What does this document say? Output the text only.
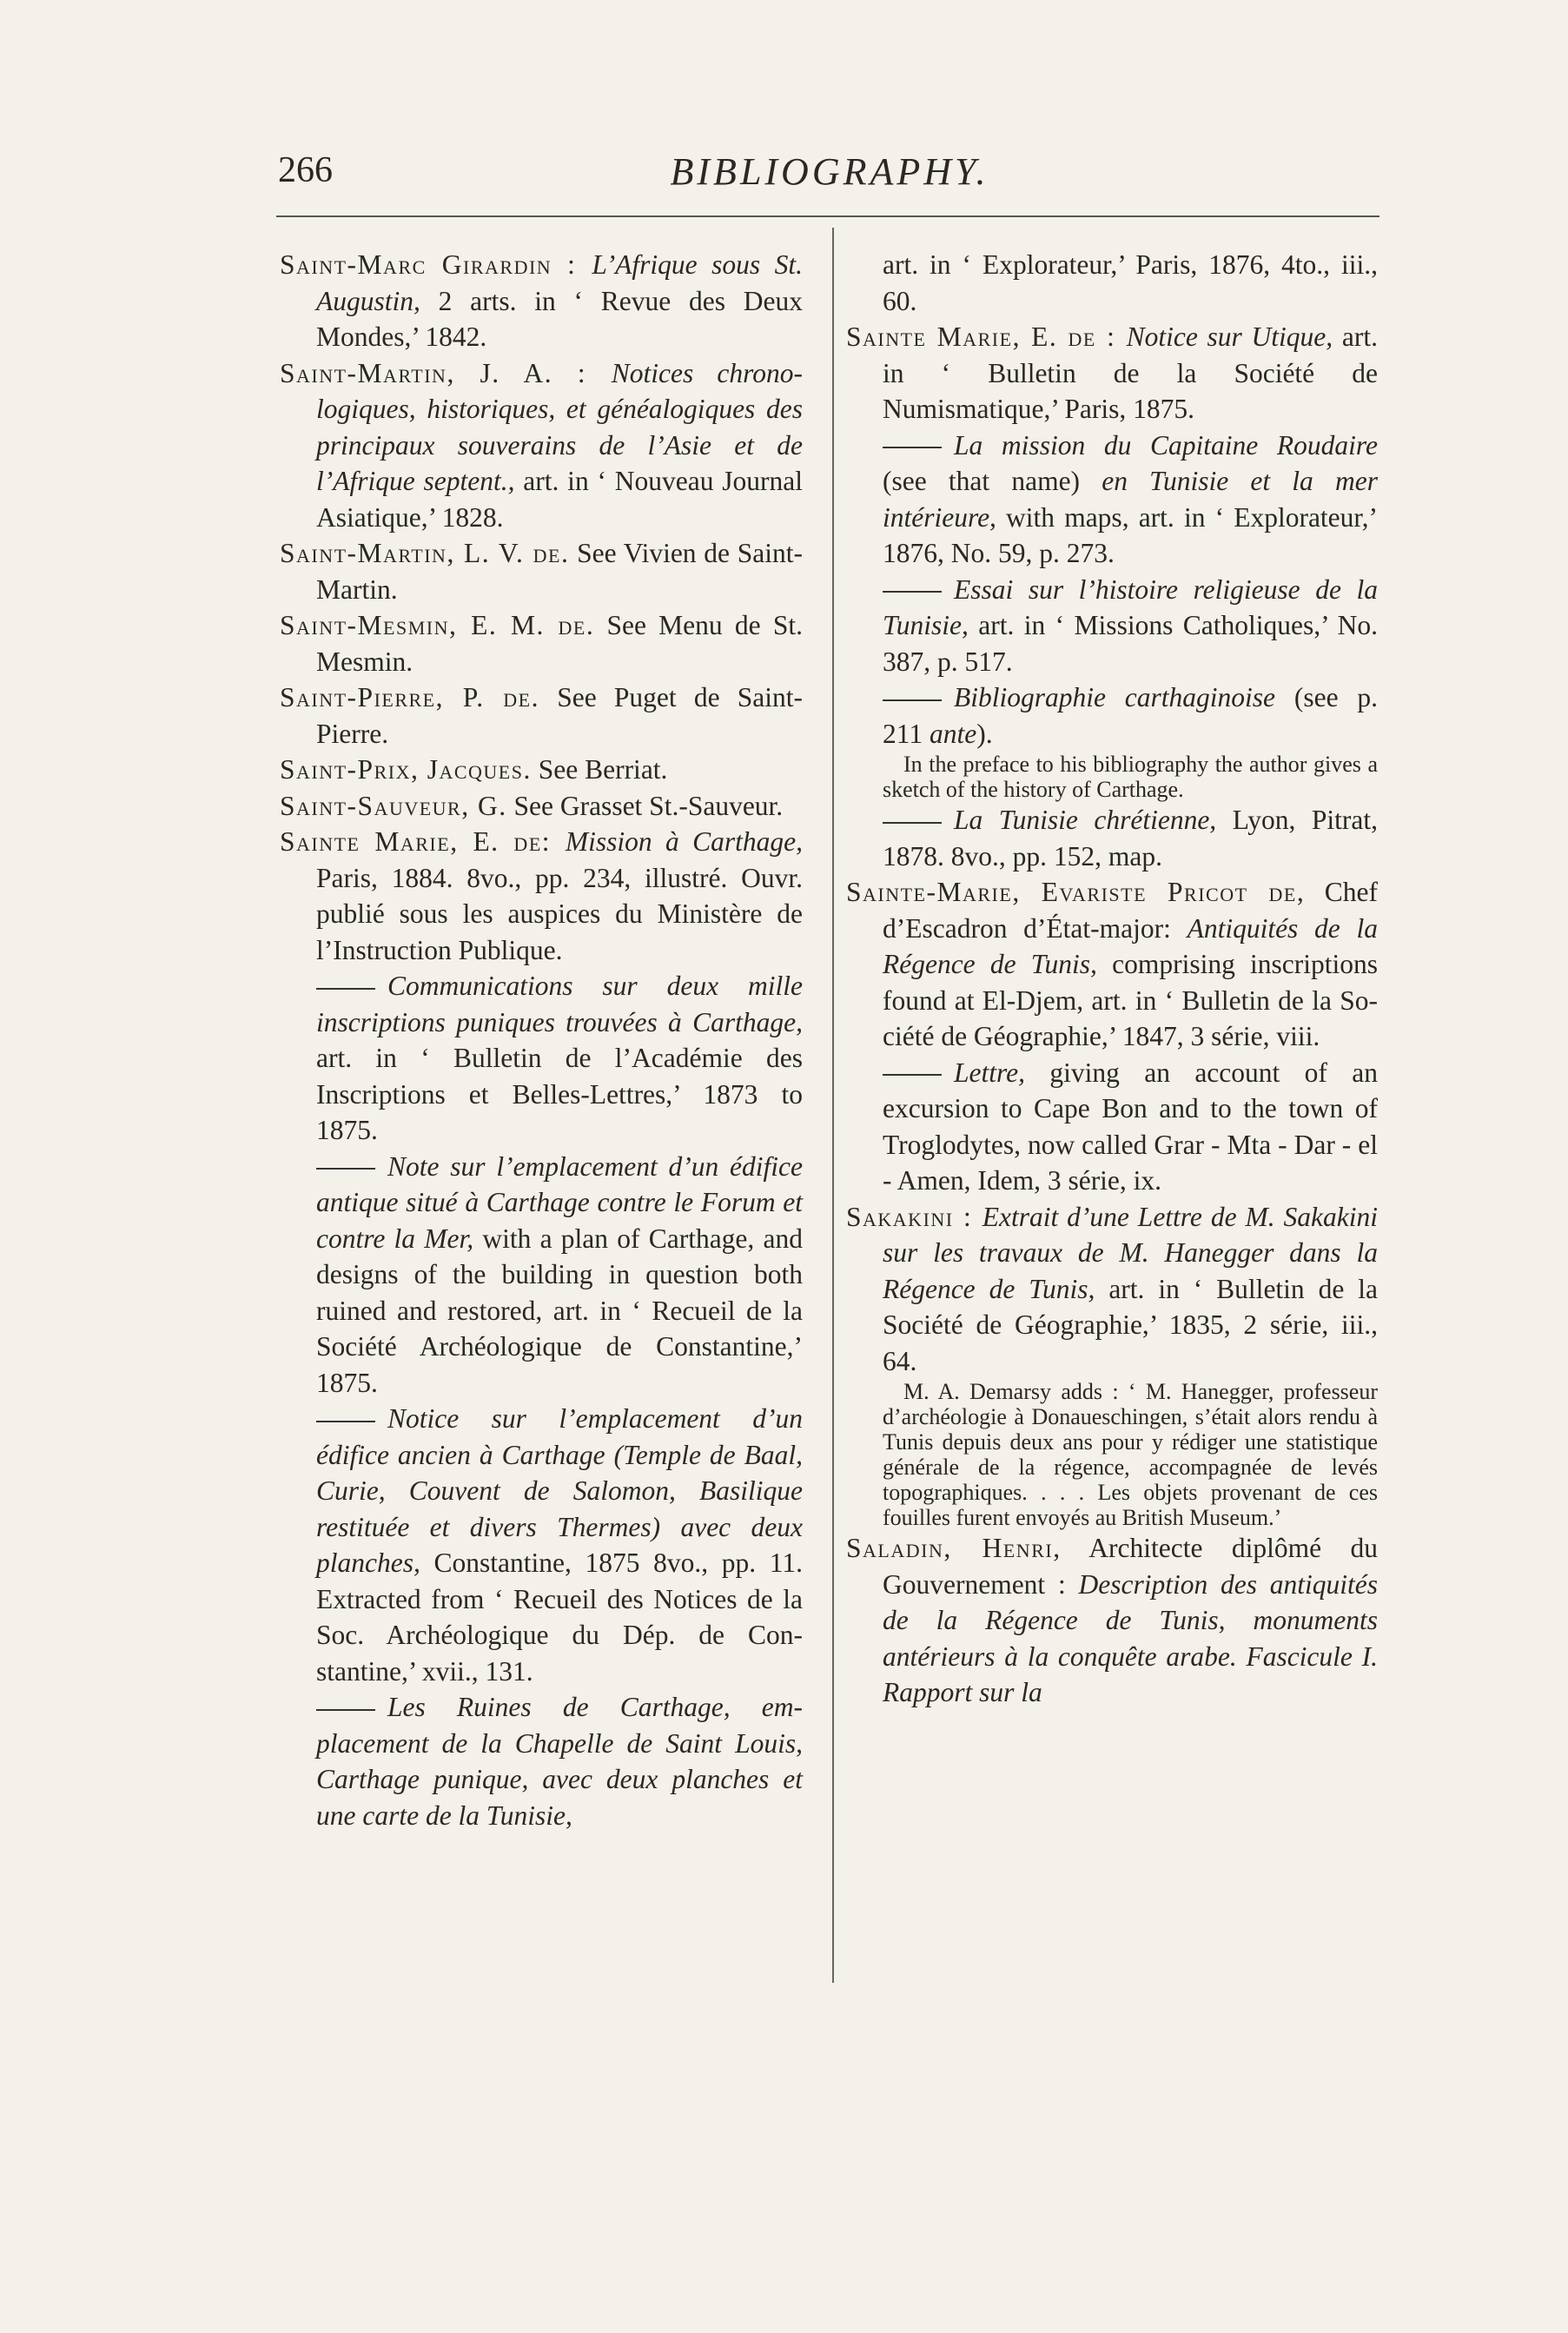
266	BIBLIOGRAPHY.

Saint-Marc Girardin : L’Afrique sous St. Augustin, 2 arts. in ‘ Revue des Deux Mondes,’ 1842.

Saint-Martin, J. A. : Notices chronologiques, historiques, et généalogiques des principaux souverains de l’Asie et de l’Afrique septent., art. in ‘ Nouveau Journal Asiatique,’ 1828.

Saint-Martin, L. V. de. See Vivien de Saint-Martin.

Saint-Mesmin, E. M. de. See Menu de St. Mesmin.

Saint-Pierre, P. de. See Puget de Saint-Pierre.

Saint-Prix, Jacques. See Berriat.

Saint-Sauveur, G. See Grasset St.-Sauveur.

Sainte Marie, E. de: Mission à Carthage, Paris, 1884. 8vo., pp. 234, illustré. Ouvr. publié sous les auspices du Ministère de l’Instruction Publique.

Communications sur deux mille inscriptions puniques trouvées à Carthage, art. in ‘ Bulletin de l’Académie des Inscriptions et Belles-Lettres,’ 1873 to 1875.

Note sur l’emplacement d’un édifice antique situé à Carthage contre le Forum et contre la Mer, with a plan of Carthage, and designs of the building in question both ruined and restored, art. in ‘ Recueil de la Société Archéologique de Constantine,’ 1875.

Notice sur l’emplacement d’un édifice ancien à Carthage (Temple de Baal, Curie, Couvent de Salomon, Basilique restituée et divers Thermes) avec deux planches, Constantine, 1875 8vo., pp. 11. Extracted from ‘ Recueil des Notices de la Soc. Archéologique du Dép. de Constantine,’ xvii., 131.

Les Ruines de Carthage, emplacement de la Chapelle de Saint Louis, Carthage punique, avec deux planches et une carte de la Tunisie,

art. in ‘ Explorateur,’ Paris, 1876, 4to., iii., 60.

Sainte Marie, E. de : Notice sur Utique, art. in ‘ Bulletin de la Société de Numismatique,’ Paris, 1875.

La mission du Capitaine Roudaire (see that name) en Tunisie et la mer intérieure, with maps, art. in ‘ Explorateur,’ 1876, No. 59, p. 273.

Essai sur l’histoire religieuse de la Tunisie, art. in ‘ Missions Catholiques,’ No. 387, p. 517.

Bibliographie carthaginoise (see p. 211 ante).

In the preface to his bibliography the author gives a sketch of the history of Carthage.

La Tunisie chrétienne, Lyon, Pitrat, 1878. 8vo., pp. 152, map.

Sainte-Marie, Evariste Pricot de, Chef d’Escadron d’État-major: Antiquités de la Régence de Tunis, comprising inscriptions found at El-Djem, art. in ‘ Bulletin de la Société de Géographie,’ 1847, 3 série, viii.

Lettre, giving an account of an excursion to Cape Bon and to the town of Troglodytes, now called Grar - Mta - Dar - el - Amen, Idem, 3 série, ix.

Sakakini : Extrait d’une Lettre de M. Sakakini sur les travaux de M. Hanegger dans la Régence de Tunis, art. in ‘ Bulletin de la Société de Géographie,’ 1835, 2 série, iii., 64.

M. A. Demarsy adds : ‘ M. Hanegger, professeur d’archéologie à Donaueschingen, s’était alors rendu à Tunis depuis deux ans pour y rédiger une statistique générale de la régence, accompagnée de levés topographiques. . . . Les objets provenant de ces fouilles furent envoyés au British Museum.’

Saladin, Henri, Architecte diplômé du Gouvernement : Description des antiquités de la Régence de Tunis, monuments antérieurs à la conquête arabe. Fascicule I. Rapport sur la
